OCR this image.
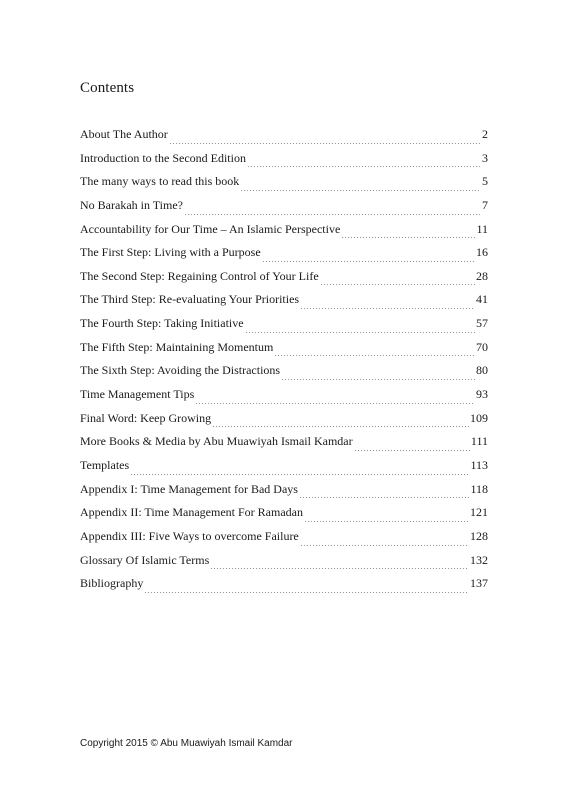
Contents
About The Author	2
Introduction to the Second Edition	3
The many ways to read this book	5
No Barakah in Time?	7
Accountability for Our Time – An Islamic Perspective	11
The First Step: Living with a Purpose	16
The Second Step: Regaining Control of Your Life	28
The Third Step: Re-evaluating Your Priorities	41
The Fourth Step: Taking Initiative	57
The Fifth Step: Maintaining Momentum	70
The Sixth Step: Avoiding the Distractions	80
Time Management Tips	93
Final Word: Keep Growing	109
More Books & Media by Abu Muawiyah Ismail Kamdar	111
Templates	113
Appendix I: Time Management for Bad Days	118
Appendix II: Time Management For Ramadan	121
Appendix III: Five Ways to overcome Failure	128
Glossary Of Islamic Terms	132
Bibliography	137
Copyright 2015 © Abu Muawiyah Ismail Kamdar
